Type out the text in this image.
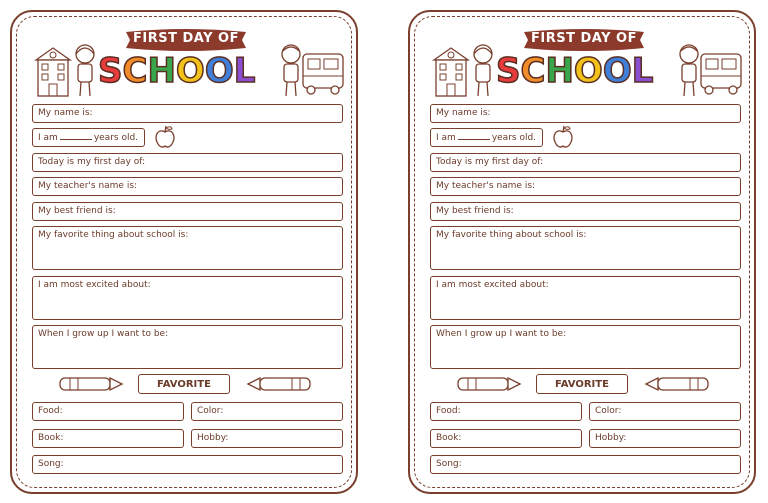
FIRST DAY OF
S C H O O L
My name is:
I am	years old.
Today is my first day of:
My teacher's name is:
My best friend is:
My favorite thing about school is:
I am most excited about:
When I grow up I want to be:
FAVORITE
Food:	Color:
Book:	Hobby:
Song:
FIRST DAY OF
S C H O O L
My name is:
I am	years old.
Today is my first day of:
My teacher's name is:
My best friend is:
My favorite thing about school is:
I am most excited about:
When I grow up I want to be:
FAVORITE
Food:	Color:
Book:	Hobby:
Song:
